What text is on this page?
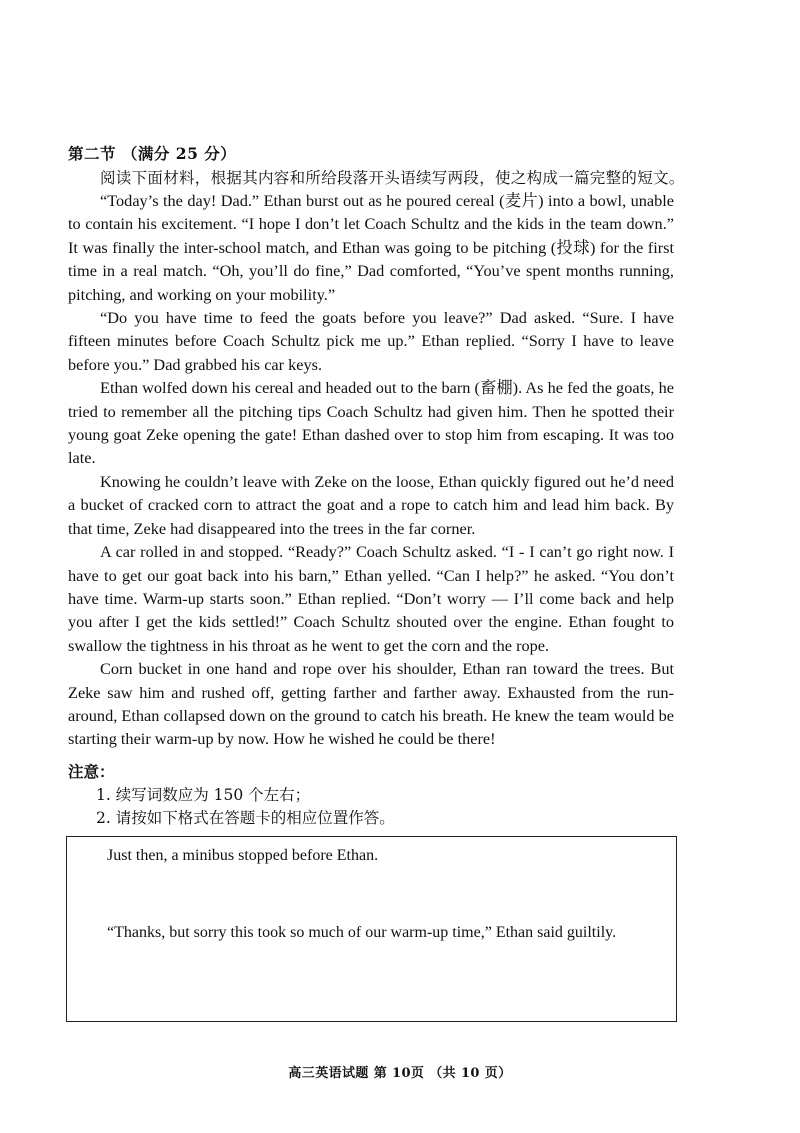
第二节 （满分 25 分）
阅读下面材料，根据其内容和所给段落开头语续写两段，使之构成一篇完整的短文。

“Today’s the day! Dad.” Ethan burst out as he poured cereal (麦片) into a bowl, unable to contain his excitement. “I hope I don’t let Coach Schultz and the kids in the team down.” It was finally the inter-school match, and Ethan was going to be pitching (投球) for the first time in a real match. “Oh, you’ll do fine,” Dad comforted, “You’ve spent months running, pitching, and working on your mobility.”

“Do you have time to feed the goats before you leave?” Dad asked. “Sure. I have fifteen minutes before Coach Schultz pick me up.” Ethan replied. “Sorry I have to leave before you.” Dad grabbed his car keys.

Ethan wolfed down his cereal and headed out to the barn (畜棚). As he fed the goats, he tried to remember all the pitching tips Coach Schultz had given him. Then he spotted their young goat Zeke opening the gate! Ethan dashed over to stop him from escaping. It was too late.

Knowing he couldn’t leave with Zeke on the loose, Ethan quickly figured out he’d need a bucket of cracked corn to attract the goat and a rope to catch him and lead him back. By that time, Zeke had disappeared into the trees in the far corner.

A car rolled in and stopped. “Ready?” Coach Schultz asked. “I - I can’t go right now. I have to get our goat back into his barn,” Ethan yelled. “Can I help?” he asked. “You don’t have time. Warm-up starts soon.” Ethan replied. “Don’t worry — I’ll come back and help you after I get the kids settled!” Coach Schultz shouted over the engine. Ethan fought to swallow the tightness in his throat as he went to get the corn and the rope.

Corn bucket in one hand and rope over his shoulder, Ethan ran toward the trees. But Zeke saw him and rushed off, getting farther and farther away. Exhausted from the run-around, Ethan collapsed down on the ground to catch his breath. He knew the team would be starting their warm-up by now. How he wished he could be there!

注意：
1. 续写词数应为 150 个左右；
2. 请按如下格式在答题卡的相应位置作答。
Just then, a minibus stopped before Ethan.
“Thanks, but sorry this took so much of our warm-up time,” Ethan said guiltily.
高三英语试题 第 10页 （共 10 页）
